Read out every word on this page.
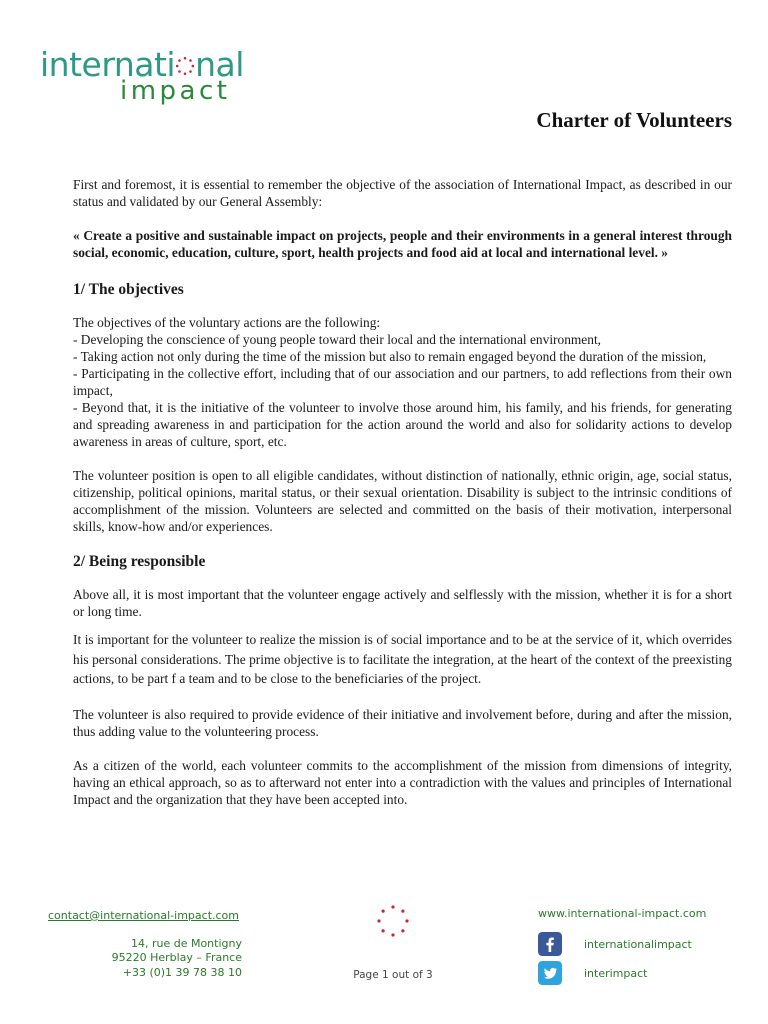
internati nal
impact
Charter of Volunteers

First and foremost, it is essential to remember the objective of the association of International Impact, as described in our status and validated by our General Assembly:

« Create a positive and sustainable impact on projects, people and their environments in a general interest through social, economic, education, culture, sport, health projects and food aid at local and international level. »

1/ The objectives

The objectives of the voluntary actions are the following:

- Developing the conscience of young people toward their local and the international environment,

- Taking action not only during the time of the mission but also to remain engaged beyond the duration of the mission,

- Participating in the collective effort, including that of our association and our partners, to add reflections from their own impact,

- Beyond that, it is the initiative of the volunteer to involve those around him, his family, and his friends, for generating and spreading awareness in and participation for the action around the world and also for solidarity actions to develop awareness in areas of culture, sport, etc.

The volunteer position is open to all eligible candidates, without distinction of nationally, ethnic origin, age, social status, citizenship, political opinions, marital status, or their sexual orientation. Disability is subject to the intrinsic conditions of accomplishment of the mission. Volunteers are selected and committed on the basis of their motivation, interpersonal skills, know-how and/or experiences.

2/ Being responsible

Above all, it is most important that the volunteer engage actively and selflessly with the mission, whether it is for a short or long time.

It is important for the volunteer to realize the mission is of social importance and to be at the service of it, which overrides his personal considerations. The prime objective is to facilitate the integration, at the heart of the context of the preexisting actions, to be part f a team and to be close to the beneficiaries of the project.

The volunteer is also required to provide evidence of their initiative and involvement before, during and after the mission, thus adding value to the volunteering process.

As a citizen of the world, each volunteer commits to the accomplishment of the mission from dimensions of integrity, having an ethical approach, so as to afterward not enter into a contradiction with the values and principles of International Impact and the organization that they have been accepted into.

contact@international-impact.com
14, rue de Montigny
95220 Herblay – France
+33 (0)1 39 78 38 10	Page 1 out of 3
www.international-impact.com
internationalimpact
interimpact
